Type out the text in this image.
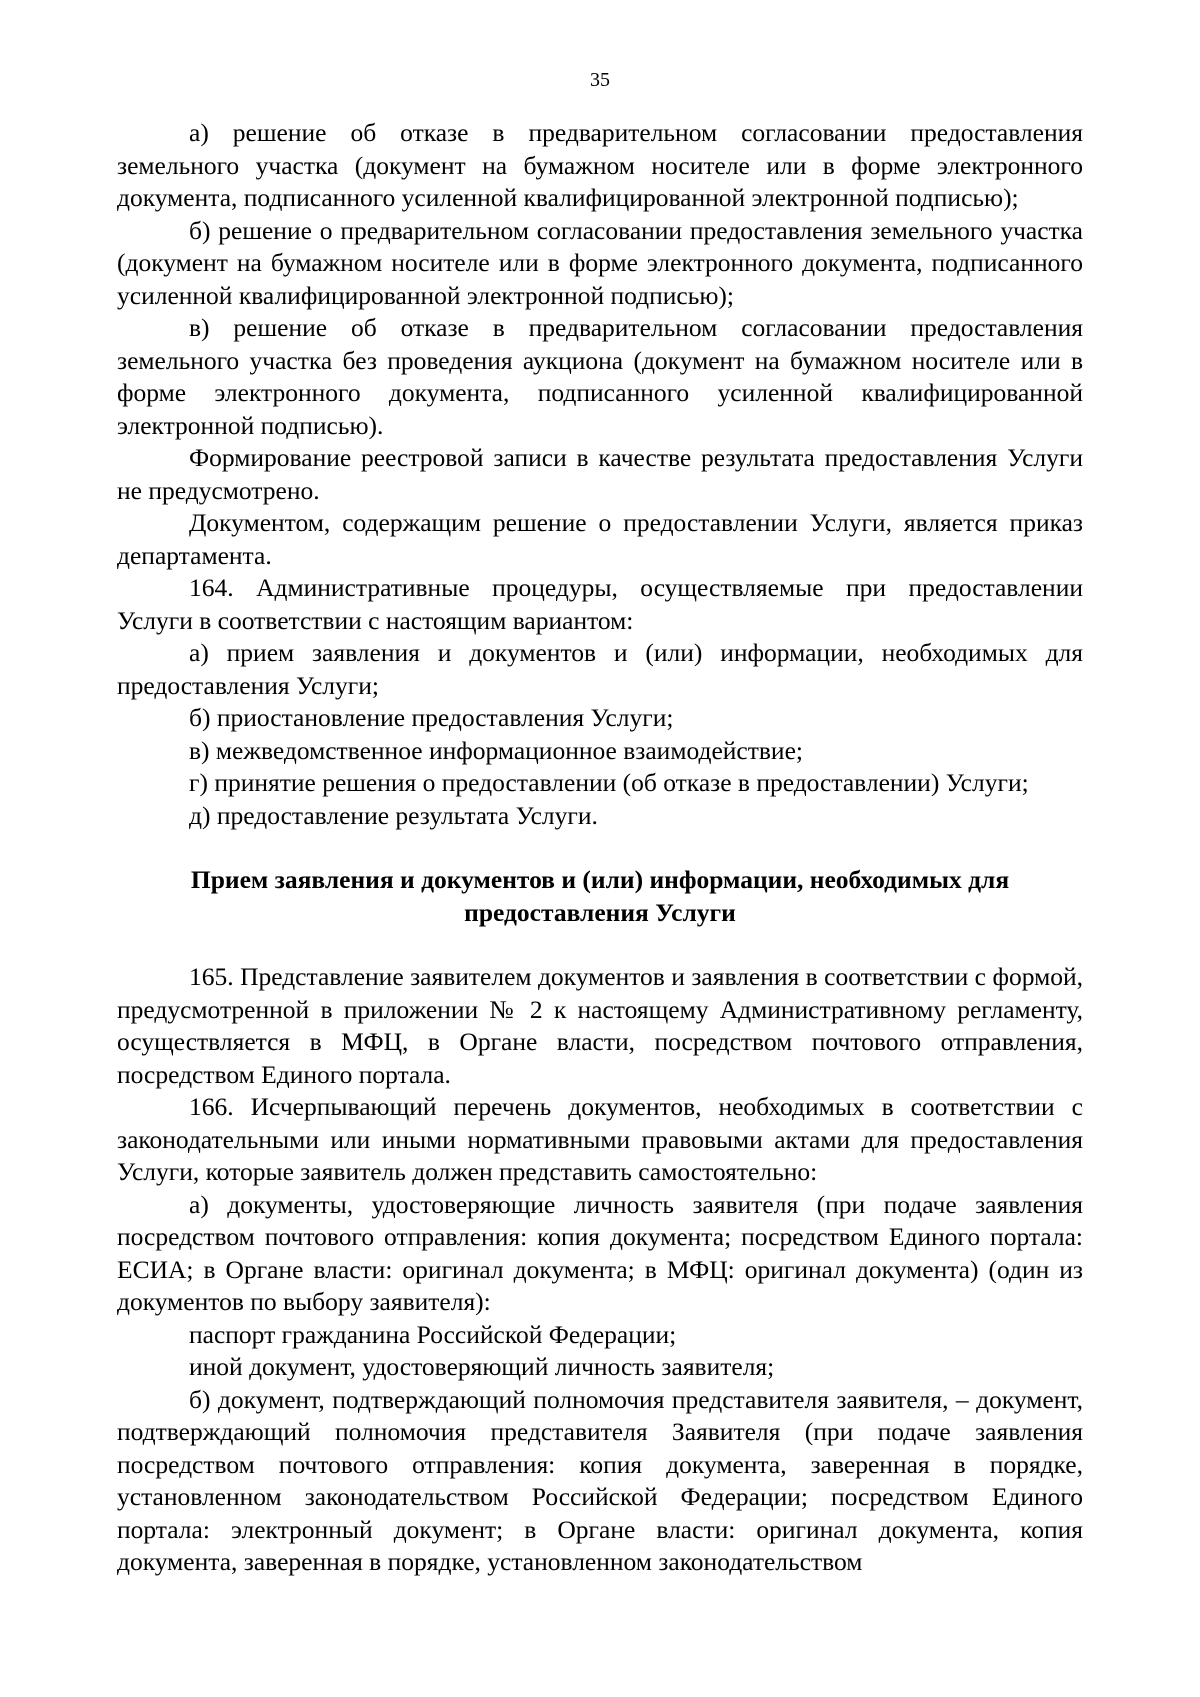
35

а) решение об отказе в предварительном согласовании предоставления земельного участка (документ на бумажном носителе или в форме электронного документа, подписанного усиленной квалифицированной электронной подписью);

б) решение о предварительном согласовании предоставления земельного участка (документ на бумажном носителе или в форме электронного документа, подписанного усиленной квалифицированной электронной подписью);

в) решение об отказе в предварительном согласовании предоставления земельного участка без проведения аукциона (документ на бумажном носителе или в форме электронного документа, подписанного усиленной квалифицированной электронной подписью).

Формирование реестровой записи в качестве результата предоставления Услуги не предусмотрено.

Документом, содержащим решение о предоставлении Услуги, является приказ департамента.

164. Административные процедуры, осуществляемые при предоставлении Услуги в соответствии с настоящим вариантом:

а) прием заявления и документов и (или) информации, необходимых для предоставления Услуги;

б) приостановление предоставления Услуги;

в) межведомственное информационное взаимодействие;

г) принятие решения о предоставлении (об отказе в предоставлении) Услуги;

д) предоставление результата Услуги.

Прием заявления и документов и (или) информации, необходимых для
предоставления Услуги

165. Представление заявителем документов и заявления в соответствии с формой, предусмотренной в приложении № 2 к настоящему Административному регламенту, осуществляется в МФЦ, в Органе власти, посредством почтового отправления, посредством Единого портала.

166. Исчерпывающий перечень документов, необходимых в соответствии с законодательными или иными нормативными правовыми актами для предоставления Услуги, которые заявитель должен представить самостоятельно:

а) документы, удостоверяющие личность заявителя (при подаче заявления посредством почтового отправления: копия документа; посредством Единого портала: ЕСИА; в Органе власти: оригинал документа; в МФЦ: оригинал документа) (один из документов по выбору заявителя):

паспорт гражданина Российской Федерации;

иной документ, удостоверяющий личность заявителя;

б) документ, подтверждающий полномочия представителя заявителя, – документ, подтверждающий полномочия представителя Заявителя (при подаче заявления посредством почтового отправления: копия документа, заверенная в порядке, установленном законодательством Российской Федерации; посредством Единого портала: электронный документ; в Органе власти: оригинал документа, копия документа, заверенная в порядке, установленном законодательством
